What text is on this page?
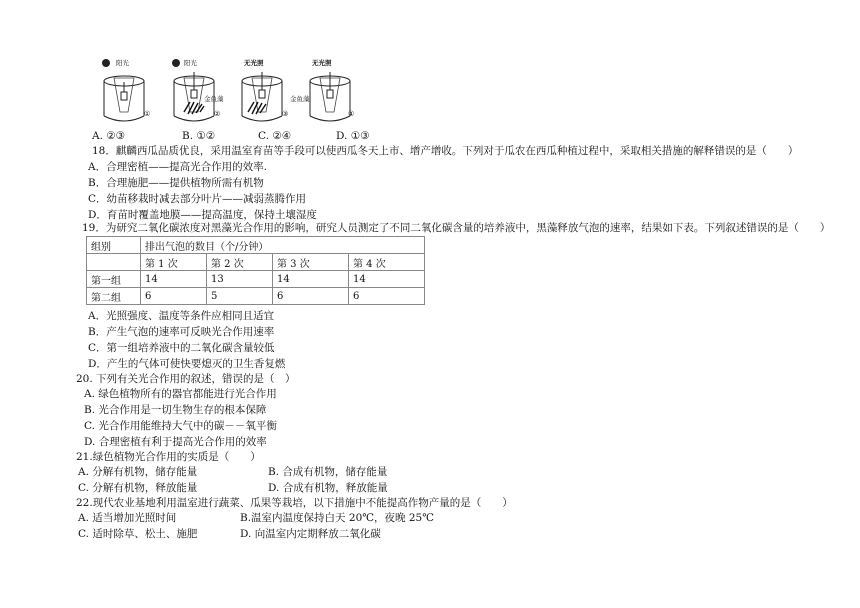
阳光
①
阳光
金鱼藻
②
无光照
③
无光照
金鱼藻
④
A. ②③	B. ①②	C. ②④	D. ①③
18．麒麟西瓜品质优良，采用温室育苗等手段可以使西瓜冬天上市、增产增收。下列对于瓜农在西瓜种植过程中，采取相关措施的解释错误的是（　　）
A．合理密植——提高光合作用的效率.
B．合理施肥——提供植物所需有机物
C．幼苗移栽时减去部分叶片——减弱蒸腾作用
D．育苗时覆盖地膜——提高温度，保持土壤湿度
19．为研究二氧化碳浓度对黑藻光合作用的影响，研究人员测定了不同二氧化碳含量的培养液中，黑藻释放气泡的速率，结果如下表。下列叙述错误的是（　　）
组别	排出气泡的数目（个/分钟）			
	第 1 次	第 2 次	第 3 次	第 4 次
第一组	14	13	14	14
第二组	6	5	6	6
A．光照强度、温度等条件应相同且适宜
B．产生气泡的速率可反映光合作用速率
C．第一组培养液中的二氧化碳含量较低
D．产生的气体可使快要熄灭的卫生香复燃
20. 下列有关光合作用的叙述，错误的是（　）
A. 绿色植物所有的器官都能进行光合作用
B. 光合作用是一切生物生存的根本保障
C. 光合作用能维持大气中的碳－－氧平衡
D. 合理密植有利于提高光合作用的效率
21.绿色植物光合作用的实质是（　　）
A. 分解有机物，储存能量	B. 合成有机物，储存能量
C. 分解有机物，释放能量	D. 合成有机物，释放能量
22.现代农业基地利用温室进行蔬菜、瓜果等栽培，以下措施中不能提高作物产量的是（　　）
A. 适当增加光照时间	B.温室内温度保持白天 20℃，夜晚 25℃
C. 适时除草、松土、施肥	D. 向温室内定期释放二氧化碳
